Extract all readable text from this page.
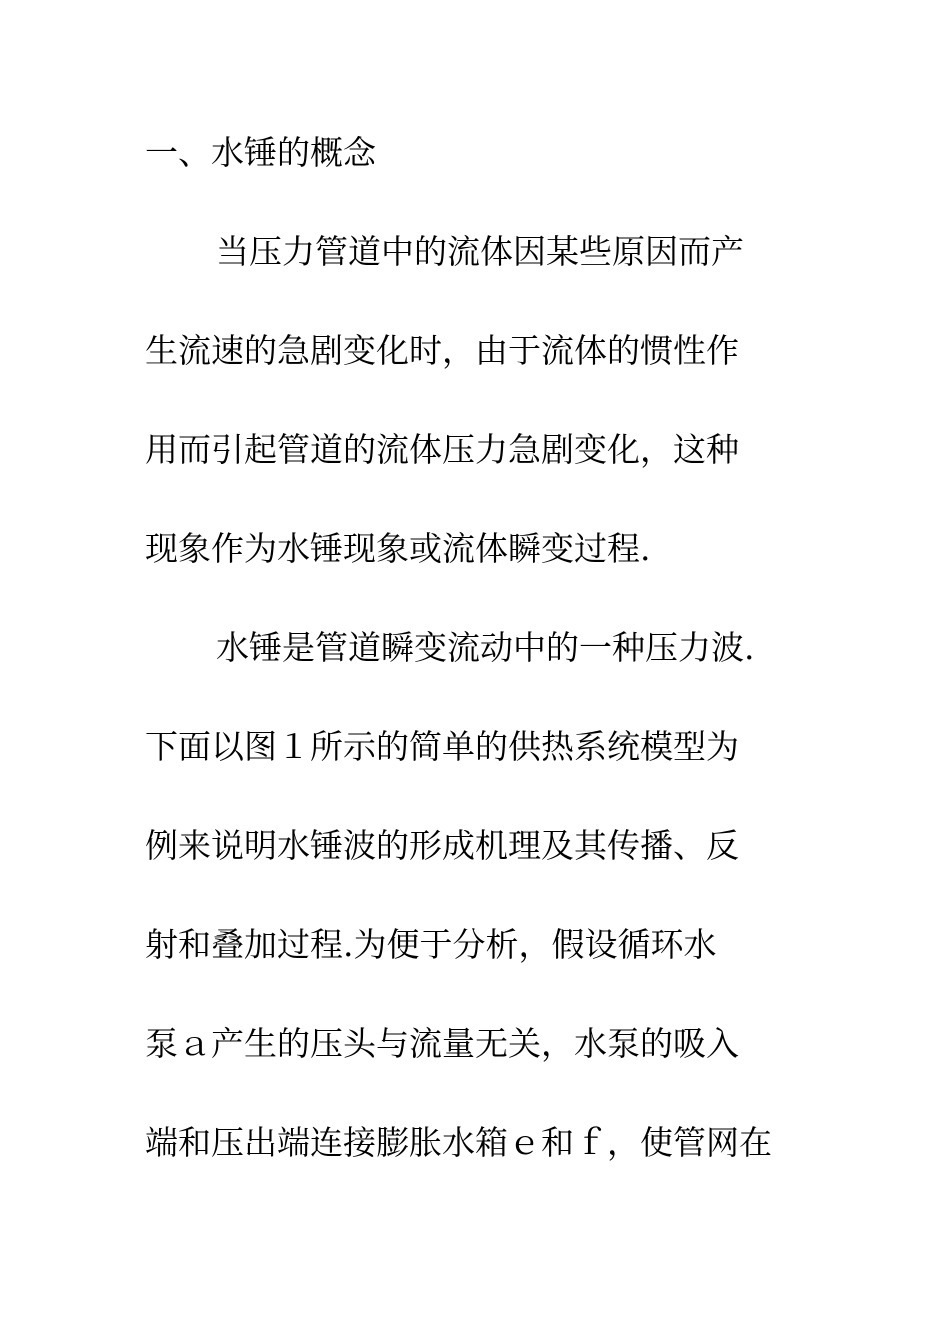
一、水锤的概念
当压力管道中的流体因某些原因而产
生流速的急剧变化时，由于流体的惯性作
用而引起管道的流体压力急剧变化，这种
现象作为水锤现象或流体瞬变过程.
水锤是管道瞬变流动中的一种压力波.
下面以图１所示的简单的供热系统模型为
例来说明水锤波的形成机理及其传播、反
射和叠加过程.为便于分析，假设循环水
泵ａ产生的压头与流量无关，水泵的吸入
端和压出端连接膨胀水箱ｅ和ｆ，使管网在
